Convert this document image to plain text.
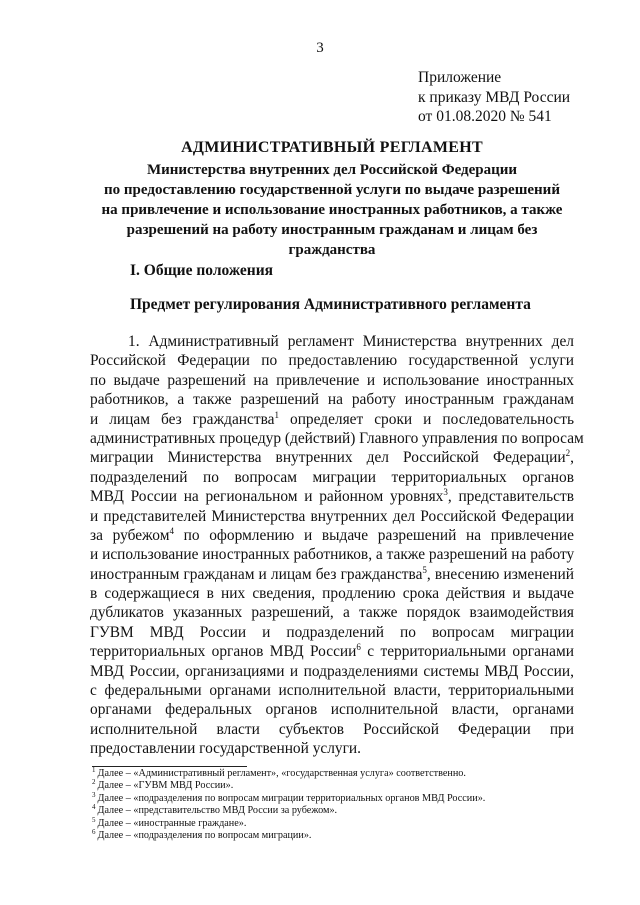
3
Приложение
к приказу МВД России
от 01.08.2020 № 541
АДМИНИСТРАТИВНЫЙ РЕГЛАМЕНТ
Министерства внутренних дел Российской Федерации
по предоставлению государственной услуги по выдаче разрешений
на привлечение и использование иностранных работников, а также
разрешений на работу иностранным гражданам и лицам без
гражданства
I. Общие положения
Предмет регулирования Административного регламента
1. Административный регламент Министерства внутренних дел
Российской Федерации по предоставлению государственной услуги
по выдаче разрешений на привлечение и использование иностранных
работников, а также разрешений на работу иностранным гражданам
и лицам без гражданства$^1$ определяет сроки и последовательность
административных процедур (действий) Главного управления по вопросам
миграции Министерства внутренних дел Российской Федерации$^2$,
подразделений по вопросам миграции территориальных органов
МВД России на региональном и районном уровнях$^3$, представительств
и представителей Министерства внутренних дел Российской Федерации
за рубежом$^4$ по оформлению и выдаче разрешений на привлечение
и использование иностранных работников, а также разрешений на работу
иностранным гражданам и лицам без гражданства$^5$, внесению изменений
в содержащиеся в них сведения, продлению срока действия и выдаче
дубликатов указанных разрешений, а также порядок взаимодействия
ГУВМ МВД России и подразделений по вопросам миграции
территориальных органов МВД России$^6$ с территориальными органами
МВД России, организациями и подразделениями системы МВД России,
с федеральными органами исполнительной власти, территориальными
органами федеральных органов исполнительной власти, органами
исполнительной власти субъектов Российской Федерации при
предоставлении государственной услуги.
$^1$ Далее – «Административный регламент», «государственная услуга» соответственно.
$^2$ Далее – «ГУВМ МВД России».
$^3$ Далее – «подразделения по вопросам миграции территориальных органов МВД России».
$^4$ Далее – «представительство МВД России за рубежом».
$^5$ Далее – «иностранные граждане».
$^6$ Далее – «подразделения по вопросам миграции».
